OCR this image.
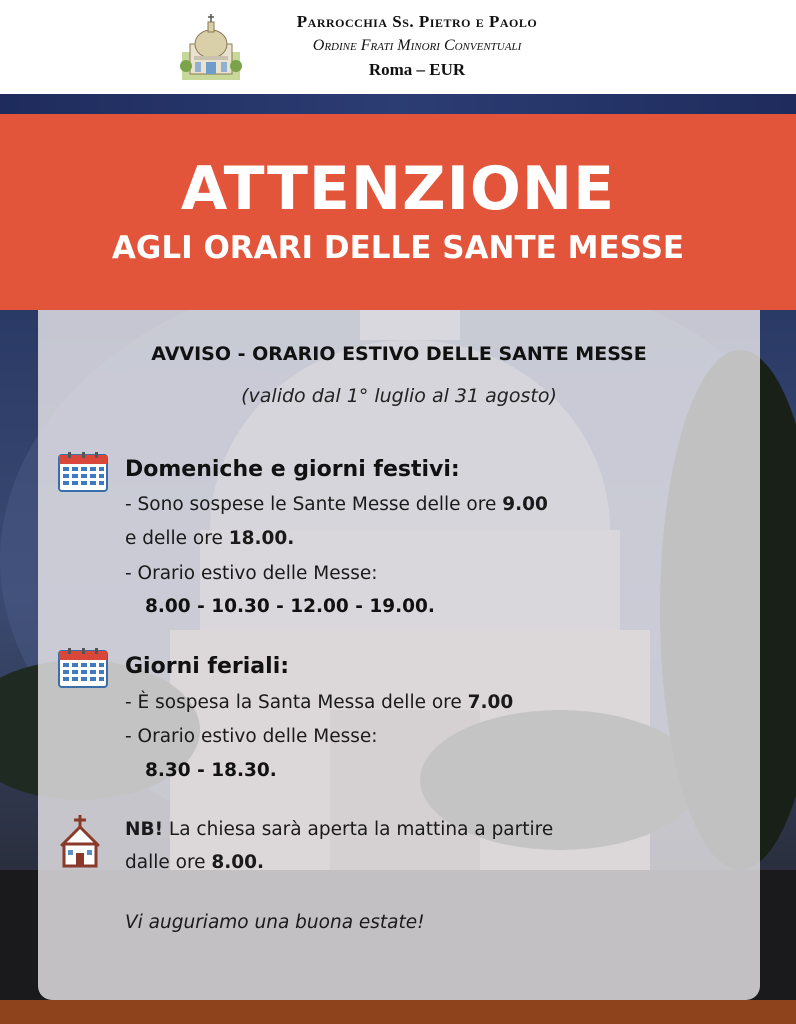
Parrocchia Ss. Pietro e Paolo
Ordine Frati Minori Conventuali
Roma – EUR
ATTENZIONE
AGLI ORARI DELLE SANTE MESSE
AVVISO - ORARIO ESTIVO DELLE SANTE MESSE
(valido dal 1° luglio al 31 agosto)
Domeniche e giorni festivi:
- Sono sospese le Sante Messe delle ore 9.00
e delle ore 18.00.
- Orario estivo delle Messe:
8.00 - 10.30 - 12.00 - 19.00.
Giorni feriali:
- È sospesa la Santa Messa delle ore 7.00
- Orario estivo delle Messe:
8.30 - 18.30.
NB! La chiesa sarà aperta la mattina a partire
dalle ore 8.00.
Vi auguriamo una buona estate!
